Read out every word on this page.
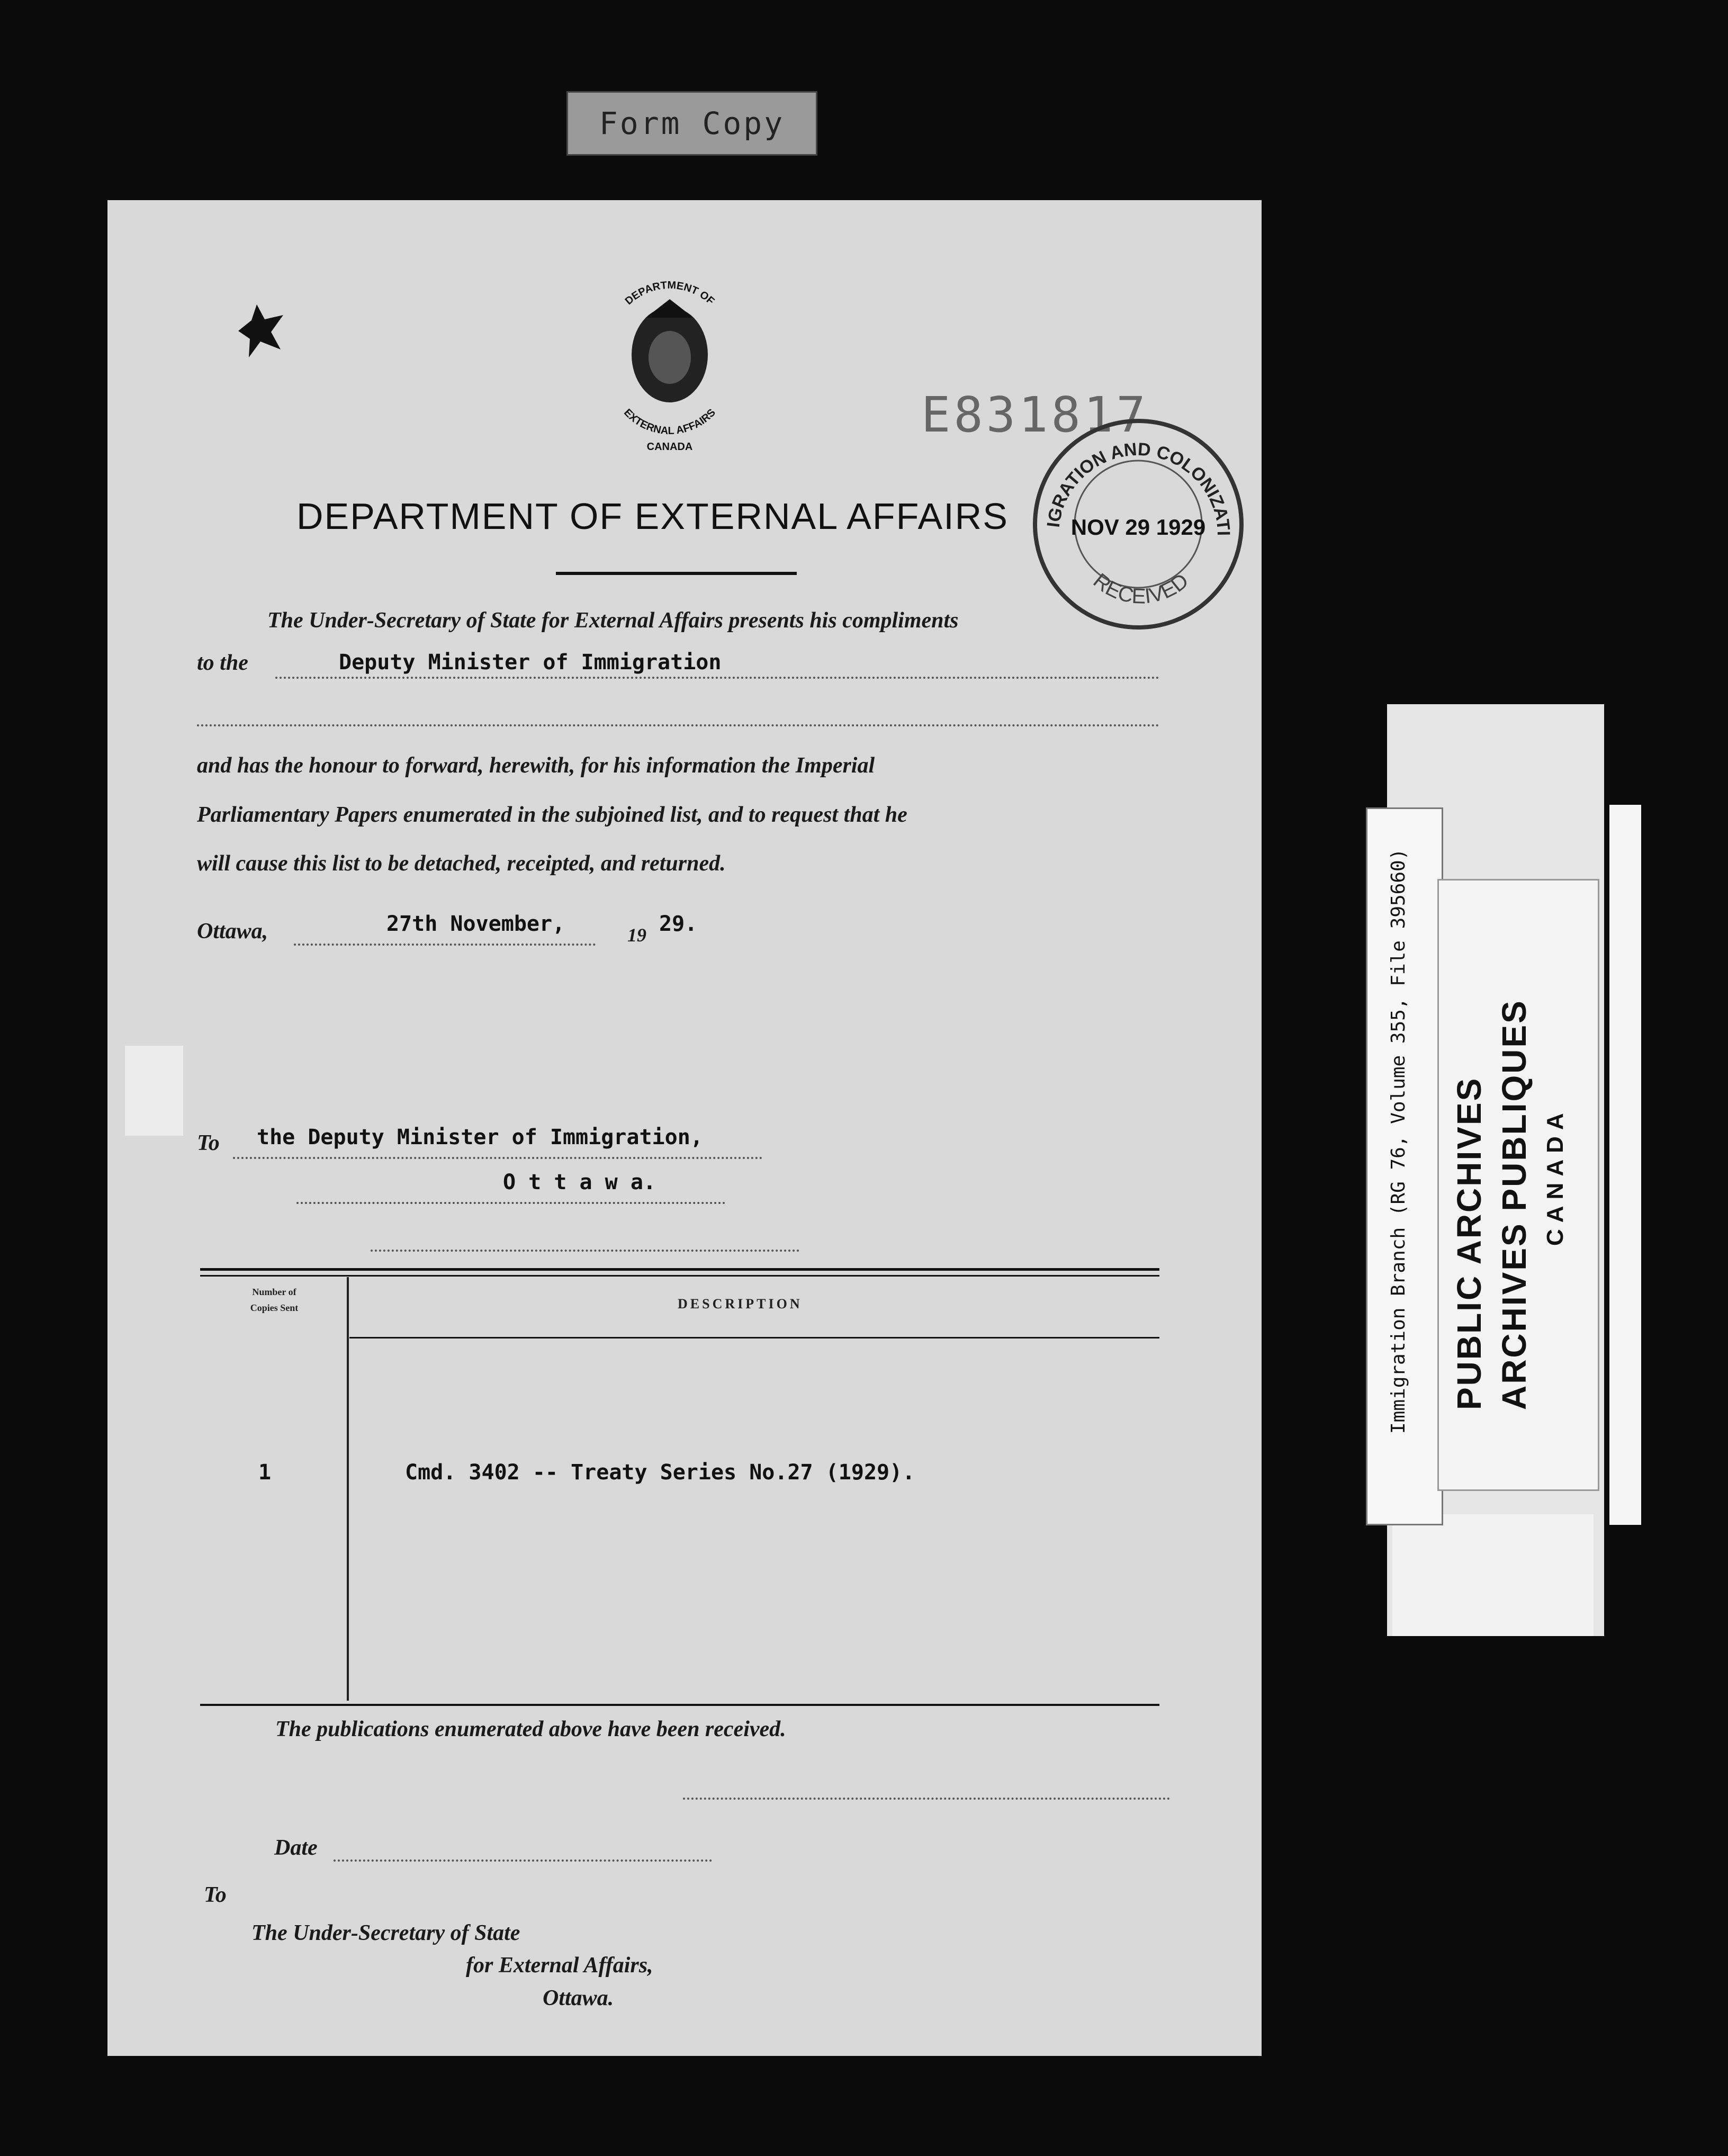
Form Copy
DEPARTMENT OF
EXTERNAL AFFAIRS
CANADA
E831817
IGRATION AND COLONIZATI
NOV 29 1929
RECEIVED
DEPARTMENT OF EXTERNAL AFFAIRS
The Under-Secretary of State for External Affairs presents his compliments
to the	Deputy Minister of Immigration
and has the honour to forward, herewith, for his information the Imperial
Parliamentary Papers enumerated in the subjoined list, and to request that he
will cause this list to be detached, receipted, and returned.
Ottawa,	27th November,	19 29.
To the Deputy Minister of Immigration,
O t t a w a.
Number of
Copies Sent	DESCRIPTION
1	Cmd. 3402 -- Treaty Series No.27 (1929).
The publications enumerated above have been received.
Date
To
The Under-Secretary of State
for External Affairs,
Ottawa.
Immigration Branch (RG 76, Volume 355, File 395660) PUBLIC ARCHIVES ARCHIVES PUBLIQUES CANADA
